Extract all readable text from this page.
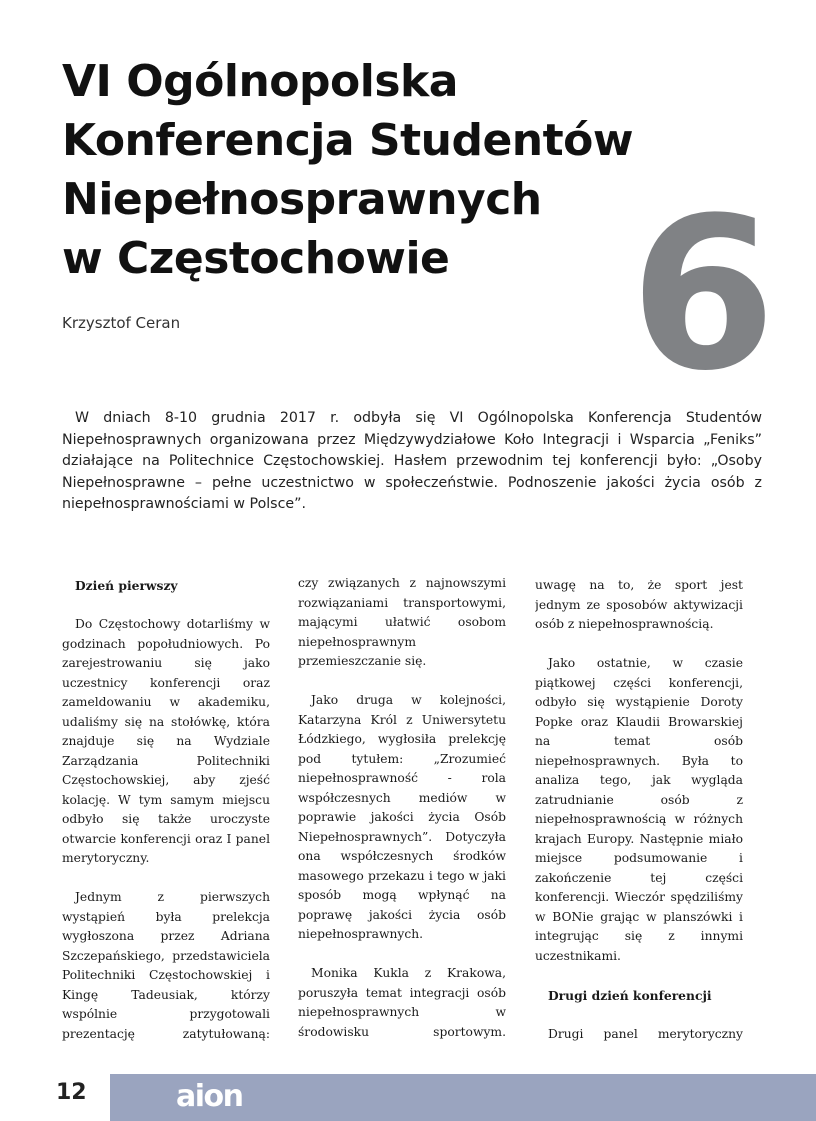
VI Ogólnopolska
Konferencja Studentów
Niepełnosprawnych
w Częstochowie 6
Krzysztof Ceran

W dniach 8-10 grudnia 2017 r. odbyła się VI Ogólnopolska Konferencja Studentów Niepełnosprawnych organizowana przez Międzywydziałowe Koło Integracji i Wsparcia „Feniks” działające na Politechnice Częstochowskiej. Hasłem przewodnim tej konferencji było: „Osoby Niepełnosprawne – pełne uczestnictwo w społeczeństwie. Podnoszenie jakości życia osób z niepełnosprawnościami w Polsce”.

Dzień pierwszy

Do Częstochowy dotarliśmy w godzinach popołudniowych. Po zarejestrowaniu się jako uczestnicy konferencji oraz zameldowaniu w akademiku, udaliśmy się na stołówkę, która znajduje się na Wydziale Zarządzania Politechniki Częstochowskiej, aby zjeść kolację. W tym samym miejscu odbyło się także uroczyste otwarcie konferencji oraz I panel merytoryczny.

Jednym z pierwszych wystąpień była prelekcja wygłoszona przez Adriana Szczepańskiego, przedstawiciela Politechniki Częstochowskiej i Kingę Tadeusiak, którzy wspólnie przygotowali prezentację zatytułowaną:

czy związanych z najnowszymi rozwiązaniami transportowymi, mającymi ułatwić osobom niepełnosprawnym przemieszczanie się.

Jako druga w kolejności, Katarzyna Król z Uniwersytetu Łódzkiego, wygłosiła prelekcję pod tytułem: „Zrozumieć niepełnosprawność - rola współczesnych mediów w poprawie jakości życia Osób Niepełnosprawnych”. Dotyczyła ona współczesnych środków masowego przekazu i tego w jaki sposób mogą wpłynąć na poprawę jakości życia osób niepełnosprawnych.

Monika Kukla z Krakowa, poruszyła temat integracji osób niepełnosprawnych w środowisku sportowym.

uwagę na to, że sport jest jednym ze sposobów aktywizacji osób z niepełnosprawnością.

Jako ostatnie, w czasie piątkowej części konferencji, odbyło się wystąpienie Doroty Popke oraz Klaudii Browarskiej na temat osób niepełnosprawnych. Była to analiza tego, jak wygląda zatrudnianie osób z niepełnosprawnością w różnych krajach Europy. Następnie miało miejsce podsumowanie i zakończenie tej części konferencji. Wieczór spędziliśmy w BONie grając w planszówki i integrując się z innymi uczestnikami.

Drugi dzień konferencji

Drugi panel merytoryczny

12	aion
